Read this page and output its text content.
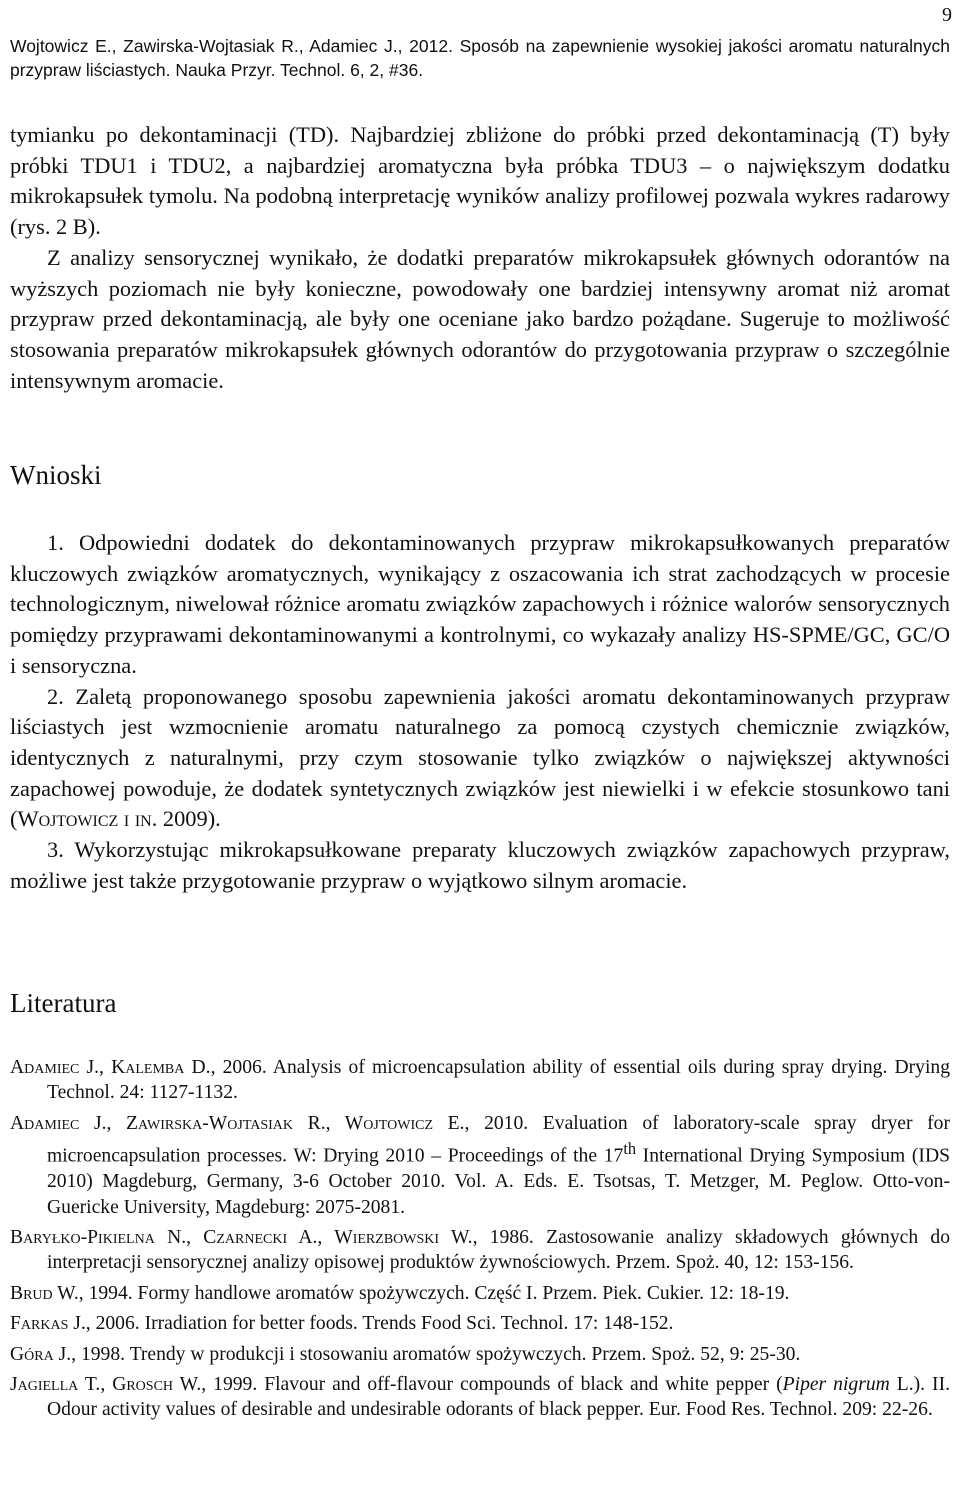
9
Wojtowicz E., Zawirska-Wojtasiak R., Adamiec J., 2012. Sposób na zapewnienie wysokiej jakości aromatu naturalnych przypraw liściastych. Nauka Przyr. Technol. 6, 2, #36.
tymianku po dekontaminacji (TD). Najbardziej zbliżone do próbki przed dekontaminacją (T) były próbki TDU1 i TDU2, a najbardziej aromatyczna była próbka TDU3 – o największym dodatku mikrokapsułek tymolu. Na podobną interpretację wyników analizy profilowej pozwala wykres radarowy (rys. 2 B).
Z analizy sensorycznej wynikało, że dodatki preparatów mikrokapsułek głównych odorantów na wyższych poziomach nie były konieczne, powodowały one bardziej intensywny aromat niż aromat przypraw przed dekontaminacją, ale były one oceniane jako bardzo pożądane. Sugeruje to możliwość stosowania preparatów mikrokapsułek głównych odorantów do przygotowania przypraw o szczególnie intensywnym aromacie.
Wnioski

1. Odpowiedni dodatek do dekontaminowanych przypraw mikrokapsułkowanych preparatów kluczowych związków aromatycznych, wynikający z oszacowania ich strat zachodzących w procesie technologicznym, niwelował różnice aromatu związków zapachowych i różnice walorów sensorycznych pomiędzy przyprawami dekontaminowanymi a kontrolnymi, co wykazały analizy HS-SPME/GC, GC/O i sensoryczna.

2. Zaletą proponowanego sposobu zapewnienia jakości aromatu dekontaminowanych przypraw liściastych jest wzmocnienie aromatu naturalnego za pomocą czystych chemicznie związków, identycznych z naturalnymi, przy czym stosowanie tylko związków o największej aktywności zapachowej powoduje, że dodatek syntetycznych związków jest niewielki i w efekcie stosunkowo tani (Wojtowicz i in. 2009).

3. Wykorzystując mikrokapsułkowane preparaty kluczowych związków zapachowych przypraw, możliwe jest także przygotowanie przypraw o wyjątkowo silnym aromacie.

Literatura

Adamiec J., Kalemba D., 2006. Analysis of microencapsulation ability of essential oils during spray drying. Drying Technol. 24: 1127-1132.

Adamiec J., Zawirska-Wojtasiak R., Wojtowicz E., 2010. Evaluation of laboratory-scale spray dryer for microencapsulation processes. W: Drying 2010 – Proceedings of the 17th International Drying Symposium (IDS 2010) Magdeburg, Germany, 3-6 October 2010. Vol. A. Eds. E. Tsotsas, T. Metzger, M. Peglow. Otto-von-Guericke University, Magdeburg: 2075-2081.

Baryłko-Pikielna N., Czarnecki A., Wierzbowski W., 1986. Zastosowanie analizy składowych głównych do interpretacji sensorycznej analizy opisowej produktów żywnościowych. Przem. Spoż. 40, 12: 153-156.

Brud W., 1994. Formy handlowe aromatów spożywczych. Część I. Przem. Piek. Cukier. 12: 18-19.

Farkas J., 2006. Irradiation for better foods. Trends Food Sci. Technol. 17: 148-152.

Góra J., 1998. Trendy w produkcji i stosowaniu aromatów spożywczych. Przem. Spoż. 52, 9: 25-30.

Jagiella T., Grosch W., 1999. Flavour and off-flavour compounds of black and white pepper (Piper nigrum L.). II. Odour activity values of desirable and undesirable odorants of black pepper. Eur. Food Res. Technol. 209: 22-26.
